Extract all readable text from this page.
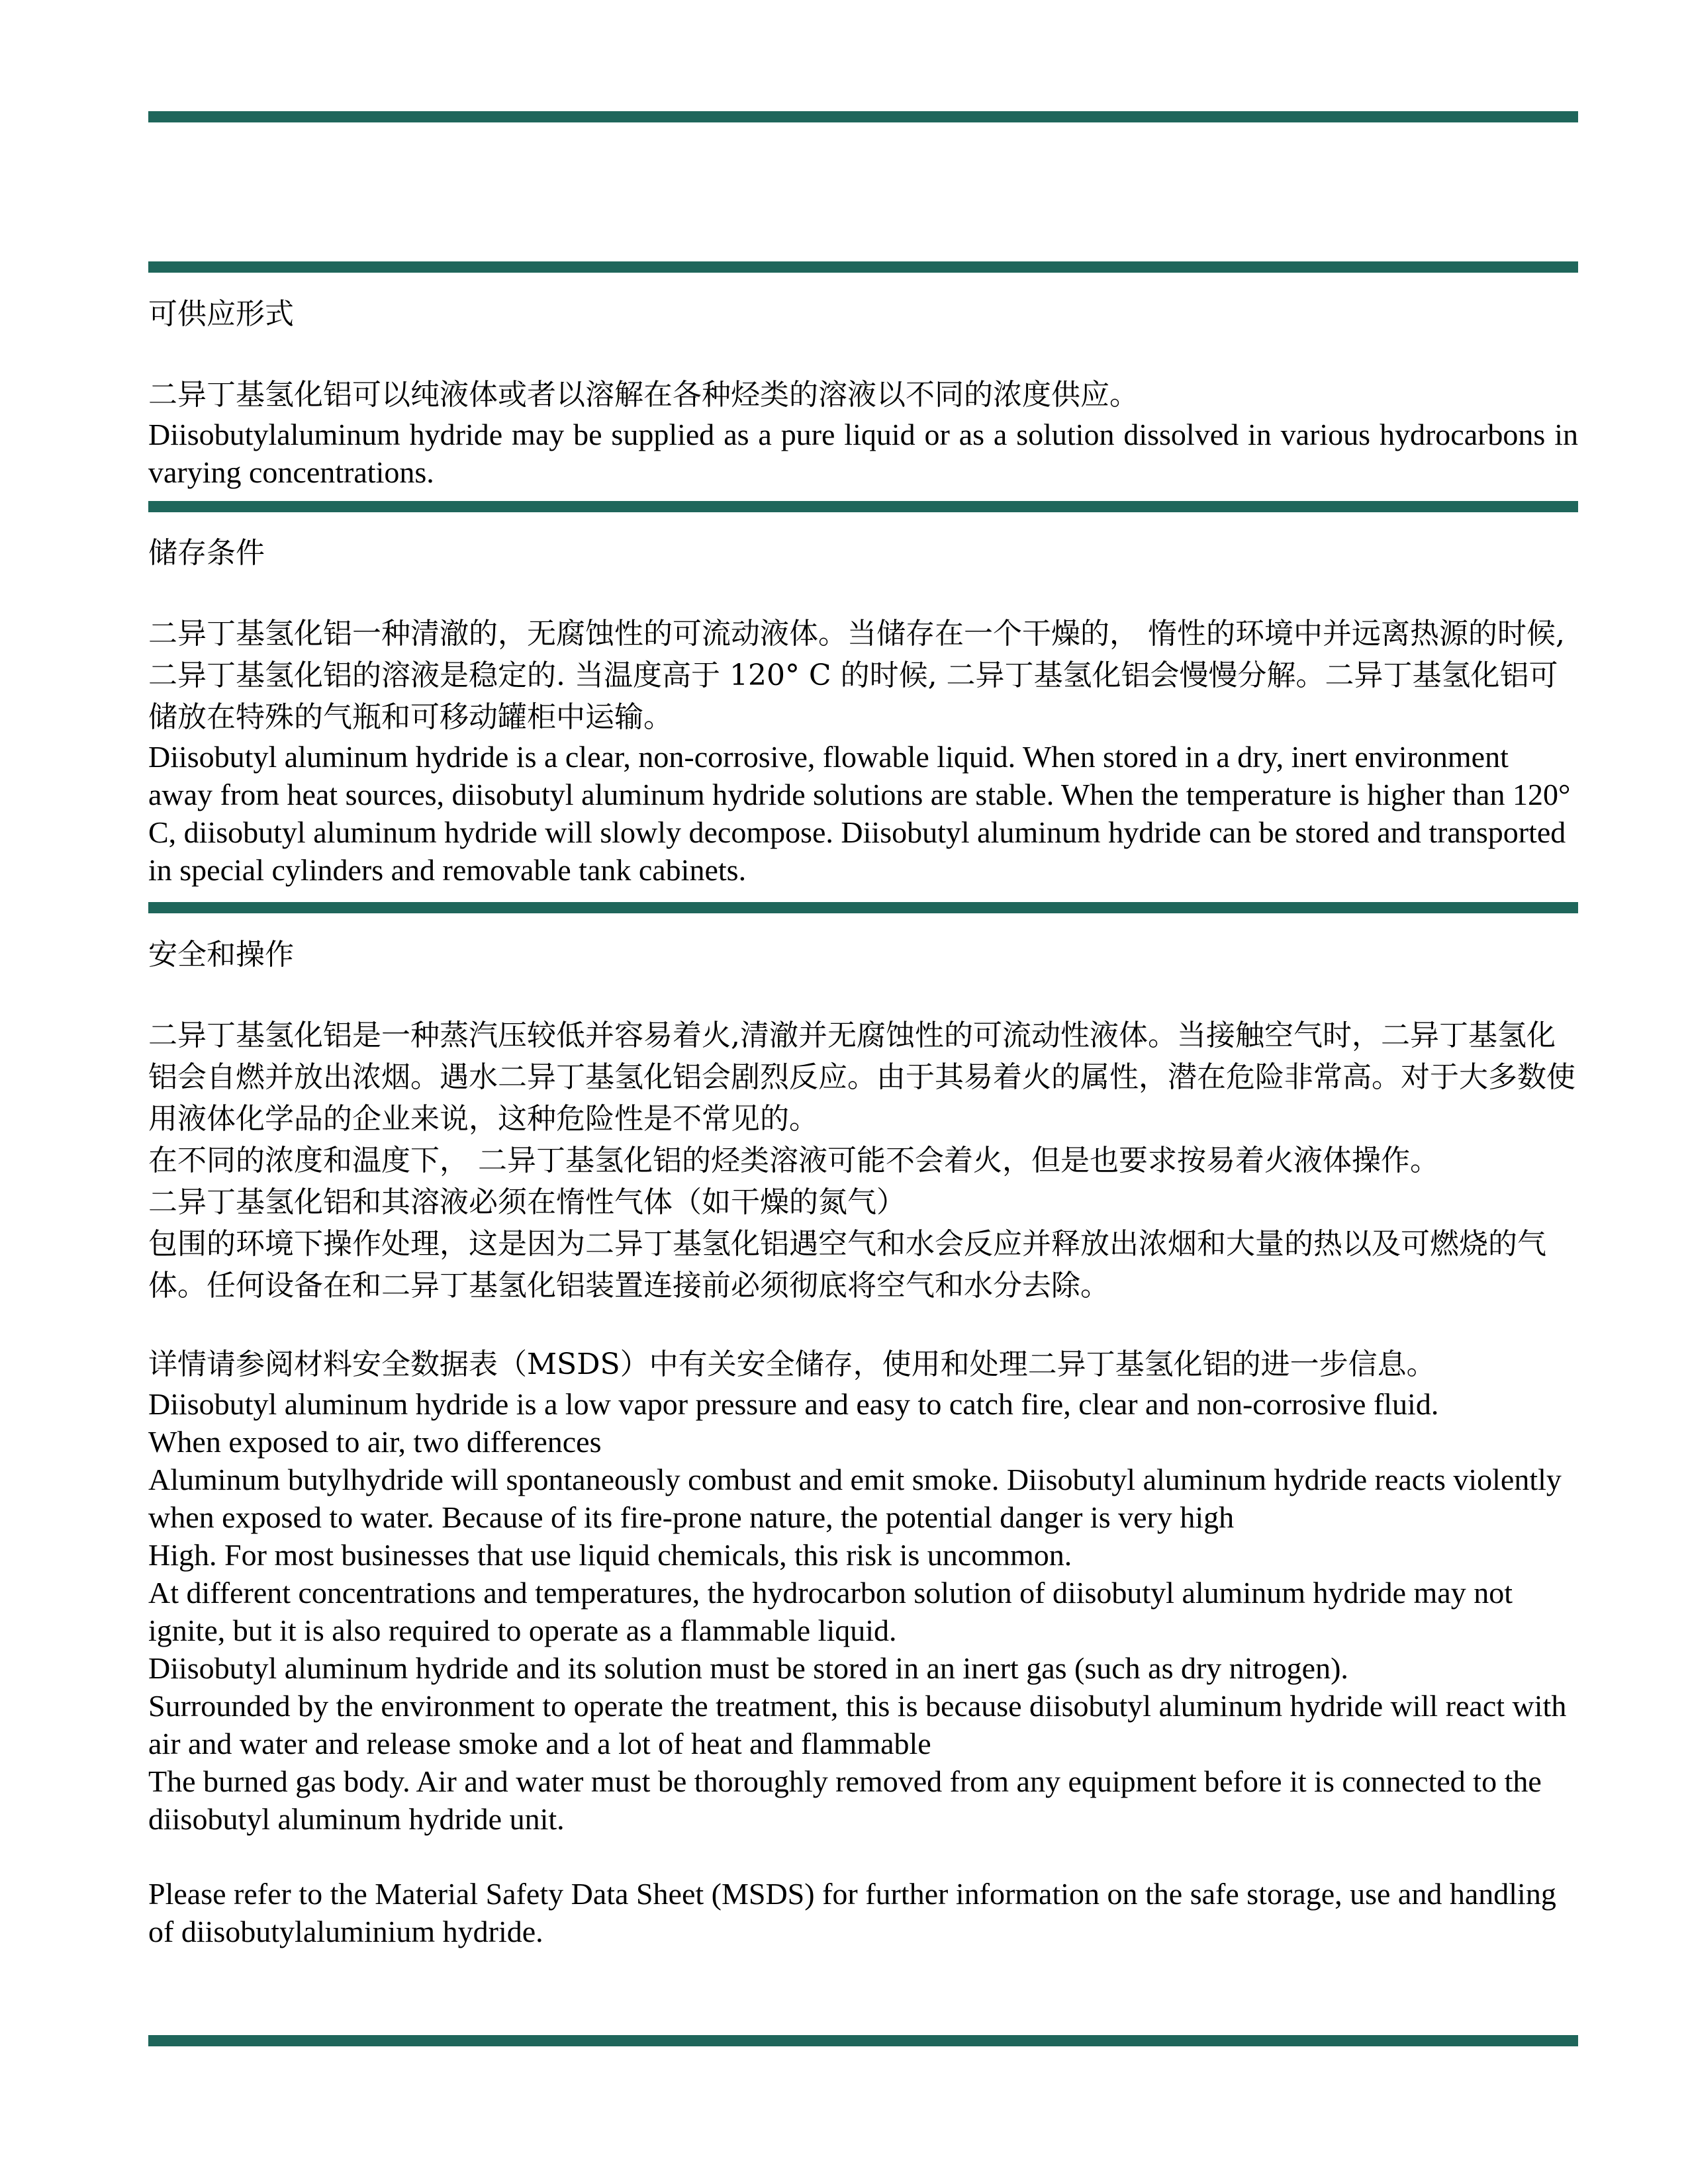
可供应形式

二异丁基氢化铝可以纯液体或者以溶解在各种烃类的溶液以不同的浓度供应。

Diisobutylaluminum hydride may be supplied as a pure liquid or as a solution dissolved in various hydrocarbons in varying concentrations.

储存条件

二异丁基氢化铝一种清澈的，无腐蚀性的可流动液体。当储存在一个干燥的， 惰性的环境中并远离热源的时候, 二异丁基氢化铝的溶液是稳定的. 当温度高于 120° C 的时候, 二异丁基氢化铝会慢慢分解。二异丁基氢化铝可储放在特殊的气瓶和可移动罐柜中运输。

Diisobutyl aluminum hydride is a clear, non-corrosive, flowable liquid. When stored in a dry, inert environment away from heat sources, diisobutyl aluminum hydride solutions are stable. When the temperature is higher than 120° C, diisobutyl aluminum hydride will slowly decompose. Diisobutyl aluminum hydride can be stored and transported in special cylinders and removable tank cabinets.

安全和操作

二异丁基氢化铝是一种蒸汽压较低并容易着火,清澈并无腐蚀性的可流动性液体。当接触空气时，二异丁基氢化铝会自燃并放出浓烟。遇水二异丁基氢化铝会剧烈反应。由于其易着火的属性，潜在危险非常高。对于大多数使用液体化学品的企业来说，这种危险性是不常见的。

在不同的浓度和温度下， 二异丁基氢化铝的烃类溶液可能不会着火，但是也要求按易着火液体操作。

二异丁基氢化铝和其溶液必须在惰性气体（如干燥的氮气）

包围的环境下操作处理，这是因为二异丁基氢化铝遇空气和水会反应并释放出浓烟和大量的热以及可燃烧的气 体。任何设备在和二异丁基氢化铝装置连接前必须彻底将空气和水分去除。

详情请参阅材料安全数据表（MSDS）中有关安全储存，使用和处理二异丁基氢化铝的进一步信息。

Diisobutyl aluminum hydride is a low vapor pressure and easy to catch fire, clear and non-corrosive fluid.

When exposed to air, two differences

Aluminum butylhydride will spontaneously combust and emit smoke. Diisobutyl aluminum hydride reacts violently when exposed to water. Because of its fire-prone nature, the potential danger is very high

High. For most businesses that use liquid chemicals, this risk is uncommon.

At different concentrations and temperatures, the hydrocarbon solution of diisobutyl aluminum hydride may not ignite, but it is also required to operate as a flammable liquid.

Diisobutyl aluminum hydride and its solution must be stored in an inert gas (such as dry nitrogen).

Surrounded by the environment to operate the treatment, this is because diisobutyl aluminum hydride will react with air and water and release smoke and a lot of heat and flammable

The burned gas body. Air and water must be thoroughly removed from any equipment before it is connected to the diisobutyl aluminum hydride unit.

Please refer to the Material Safety Data Sheet (MSDS) for further information on the safe storage, use and handling of diisobutylaluminium hydride.
